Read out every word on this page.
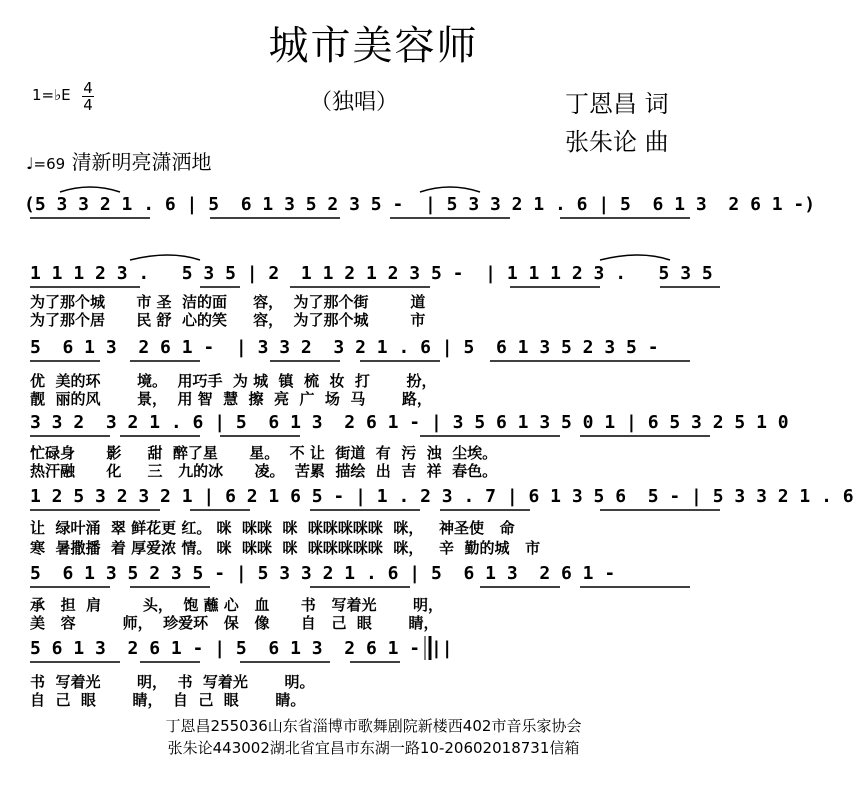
城市美容师
（独唱）
1=♭E 4
4	丁恩昌 词
张朱论 曲
♩=69 清新明亮潇洒地
(5 3 3 2 1 . 6 | 5  6 1 3 5 2 3 5 -  | 5 3 3 2 1 . 6 | 5  6 1 3  2 6 1 -)
1 1 1 2 3 .   5 3 5 | 2  1 1 2 1 2 3 5 -  | 1 1 1 2 3 .   5 3 5
为了那个城      市 圣  洁的面     容，  为了那个街        道
为了那个居      民 舒  心的笑     容，  为了那个城        市
5  6 1 3  2 6 1 -  | 3 3 2  3 2 1 . 6 | 5  6 1 3 5 2 3 5 -
优  美的环       境。  用巧手  为 城  镇  梳  妆  打       扮，
靓  丽的风       景，  用 智  慧  擦  亮  广  场  马       路，
3 3 2  3 2 1 . 6 | 5  6 1 3  2 6 1 - | 3 5 6 1 3 5 0 1 | 6 5 3 2 5 1 0
忙碌身      影     甜  醉了星      星。  不 让  街道  有  污  浊  尘埃。
热汗融      化     三   九的冰      凌。  苦累  描绘  出  吉  祥  春色。
1 2 5 3 2 3 2 1 | 6 2 1 6 5 - | 1 . 2 3 . 7 | 6 1 3 5 6  5 - | 5 3 3 2 1 . 6
让  绿叶涌  翠 鲜花更 红。 咪  咪咪  咪  咪咪咪咪咪  咪，   神圣使   命
寒  暑撒播  着 厚爱浓 情。 咪  咪咪  咪  咪咪咪咪咪  咪，   辛  勤的城   市
5  6 1 3 5 2 3 5 - | 5 3 3 2 1 . 6 | 5  6 1 3  2 6 1 -
承   担  肩        头，  饱 蘸 心   血      书   写着光       明，
美   容         师，  珍爱环   保   像      自   己  眼       睛，
5 6 1 3  2 6 1 - | 5  6 1 3  2 6 1 - ||
书  写着光       明，  书  写着光       明。
自  己  眼       睛，  自  己  眼       睛。
丁恩昌255036山东省淄博市歌舞剧院新楼西402市音乐家协会
张朱论443002湖北省宜昌市东湖一路10-20602018731信箱
